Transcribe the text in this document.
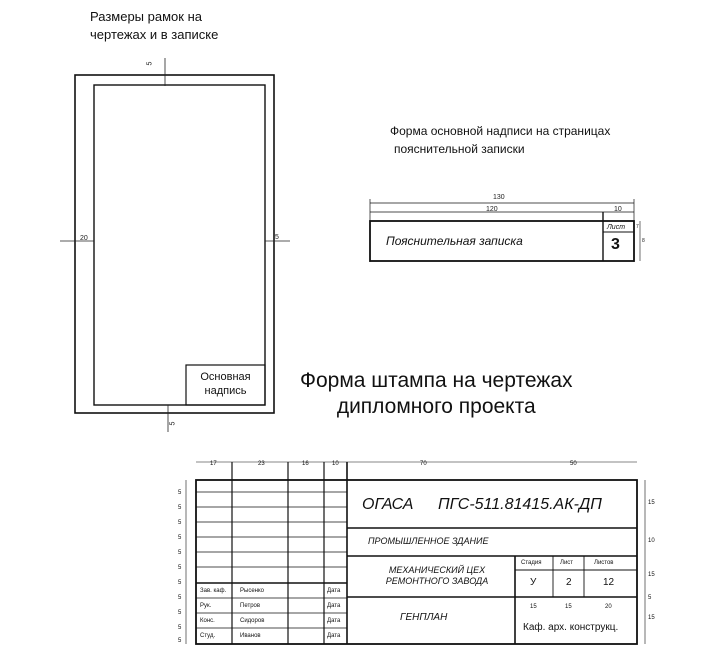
Размеры рамок на
чертежах и в записке
Форма основной надписи на страницах
пояснительной записки
Форма штампа на чертежах
дипломного проекта
5
20	5
5
Основная
надпись
130
120	10
7
8
Лист
Пояснительная записка	3
17	23	16	10	70	50
5
5
5
5
5
5
5
5
5
5
5
15
10
15
5
15
ОГАСА ПГС-511.81415.АК-ДП
ПРОМЫШЛЕННОЕ ЗДАНИЕ
МЕХАНИЧЕСКИЙ ЦЕХ
РЕМОНТНОГО ЗАВОДА
ГЕНПЛАН
Каф. арх. конструкц.
Стадия	Лист	Листов
У	2	12
15	15	20
Зав. каф. Рысенко	Дата
Рук.	Петров	Дата
Конс.	Сидоров	Дата
Студ.	Иванов	Дата
